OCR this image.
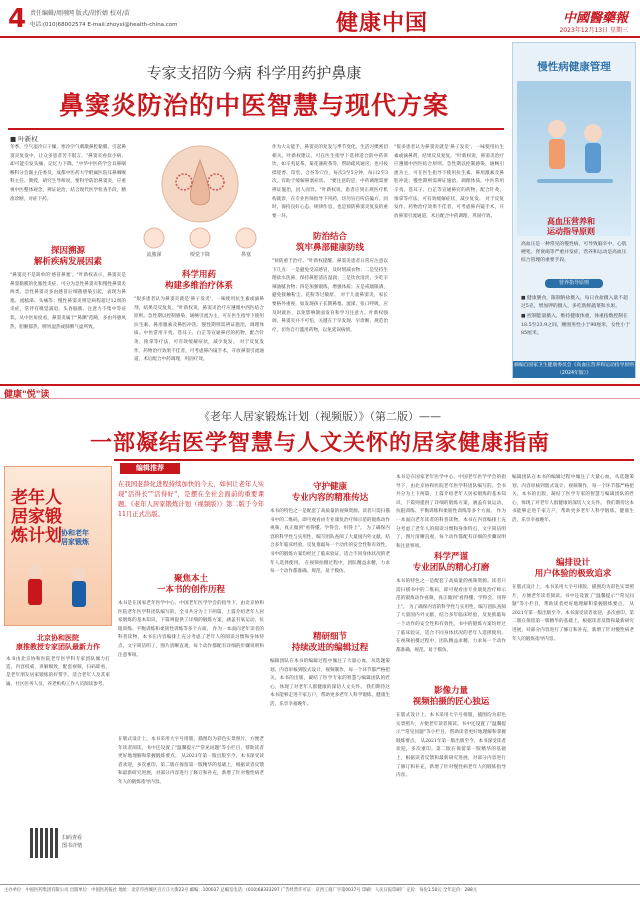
4 责任编辑/周刚网 版式/胡忻婧 校对/苗
电话:(010)68002574 E-mail:zhoyxl@health-china.com	健康中国	中國醫藥報
2023年12月13日 星期三
专家支招防今病 科学用药护鼻康
鼻窦炎防治的中医智慧与现代方案
■ 叶新权
冬季，空气湿冷日干燥，寒冷空气刺激鼻腔黏膜，引起鼻窦炎复发中，让众多患者苦不堪言。"鼻窦炎看似小病，却可能引发头痛、记忆力下降。"中华中医药学会耳鼻咽喉科分会副主任委员，成都中医药大学附属医院耳鼻咽喉科主任、教授，研究生导师说，要科学防治鼻窦炎，应重视中医整体观念，辨证论治，结合现代医学检查手段，精准诊断，对症下药。
探因溯源
解析疾病发展因素
"鼻窦炎不是简单的'感冒鼻塞'。"叶新权表示，鼻窦炎是鼻窦黏膜的化脓性炎症，可分为急性鼻窦炎和慢性鼻窦炎两类。急性鼻窦炎多由感冒后细菌感染引起，表现为鼻塞、流脓涕、头痛等；慢性鼻窦炎则是病程超过12周的炎症，常伴有嗅觉减退、头昏脑涨、注意力不集中等症状。从中医角度看，鼻窦炎属于"鼻渊"范畴，多由外感风热、胆腑郁热、脾胃湿热或肺脾气虚所致。
流脓涕	嗅觉下降	鼻塞
科学用药
构建多维治疗体系
"很多患者认为鼻窦炎就是'鼻子发炎'，一味使用抗生素或滴鼻剂，结果反反复复。"叶新权说，鼻窦炎治疗应遵循中西医结合原则。急性期以控制感染、通畅引流为主，可在医生指导下使用抗生素、鼻用激素及鼻腔冲洗；慢性期则需辨证施治，调理体质。中医常用辛夷、苍耳子、白芷等宣通鼻窍的药物，配合针灸、推拿等疗法，可有效缓解症状，减少复发。 对于反复发作、药物治疗效果不佳者，可考虑鼻内镜手术，开放鼻窦引流通道，术后配合中药调理，巩固疗效。
防治结合
筑牢鼻部健康防线
作为大众能手，鼻窦炎的复发与季节变化、生活习惯密切相关。叶新权建议，可在医生指导下选择适合的中药茶饮，如辛夷花茶、菊花薄荷茶等，帮助疏风通窍；也可按揉迎香、印堂、合谷等穴位，每次3至5分钟，每日2至3次，有助于缓解鼻塞症状。 "要注意的是，中药调理需要辨证施治，因人而异。"叶新权说，患者应到正规医疗机构就诊，在专业医师指导下用药，切勿盲目听信偏方。同时，保持良好心态、规律作息，也是预防鼻窦炎复发的重要一环。
"预防重于治疗。"叶新权提醒，鼻窦炎患者日常应注意以下几点：一是避免受凉感冒，及时增减衣物；二是坚持生理盐水洗鼻，保持鼻腔清洁湿润；三是饮食清淡，少吃辛辣油腻食物；四是加强锻炼，增强体质；五是戒烟限酒，避免接触粉尘、花粉等过敏原。 对于儿童鼻窦炎，家长要格外重视，如发现孩子长期鼻塞、流涕、张口呼吸，应及时就医，以免影响颌面发育和学习注意力。叶新权强调，鼻窦炎并不可怕，关键在于早发现、早诊断、规范治疗，切勿自行滥用药物，以免延误病情。
"很多患者认为鼻窦炎就是'鼻子发炎'，一味使用抗生素或滴鼻剂，结果反反复复。"叶新权说，鼻窦炎治疗应遵循中西医结合原则。急性期以控制感染、通畅引流为主，可在医生指导下使用抗生素、鼻用激素及鼻腔冲洗；慢性期则需辨证施治，调理体质。中医常用辛夷、苍耳子、白芷等宣通鼻窍的药物，配合针灸、推拿等疗法，可有效缓解症状，减少复发。 对于反复发作、药物治疗效果不佳者，可考虑鼻内镜手术，开放鼻窦引流通道，术后配合中药调理，巩固疗效。
慢性病健康管理
高血压营养和
运动指导原则
高血压是一种常见的慢性病，可导致脑卒中、心肌梗死、肾衰竭等严重并发症，营养和运动是高血压综合管理的重要手段。
营养指导原则

■ 健康膳食，限制钠盐摄入，每日食盐摄入量不超过5克，增加钾的摄入，多吃新鲜蔬菜和水果。

■ 控制能量摄入，维持健康体重，体重指数控制在18.5至23.9之间，腰围男性小于90厘米，女性小于85厘米。

摘编自国家卫生健康委员会《高血压营养和运动指导原则（2024年版）》
健康"悦"读
老年人
居家锻
炼计划 协和老年
居家锻炼
北京协和医院
康推教授专家团队最新力作
本书由北京协和医院老年医学科专家团队倾力打造，内容权威，讲解细致，配套视频，扫码即看，是老年朋友居家锻炼的好帮手。适合老年人及其家属、社区医务人员、养老机构工作人员阅读参考。
扫码查看
图书详情
《老年人居家锻炼计划（视频版）》（第二版）——
一部凝结医学智慧与人文关怀的居家健康指南
编辑推荐
在我国老龄化进程持续加快的今天，如何让老年人实现"活得长""活得好"，是摆在全社会面前的重要课题。《老年人居家锻炼计划（视频版）》第二版于今年11月正式出版。
聚焦本土
一本书的创作历程
本书是在国家老年医学中心、中国老年医学学会的指导下，由北京协和医院老年医学科团队编写的。全书共分为上下两篇，上篇介绍老年人居家锻炼的基本知识，下篇则提供了详细的锻炼方案，涵盖有氧运动、抗阻训练、平衡训练和柔韧性训练等多个方面。 作为一本面向老年读者的科普读物，本书在内容编排上充分考虑了老年人的阅读习惯和身体特点，文字简洁明了，图片清晰直观，每个动作都配有详细的步骤说明和注意事项。
在版式设计上，本书采用大字号排版，插图均为彩色实景照片，方便老年读者阅读。书中还设置了"温馨提示""常见问题"等小栏目，帮助读者更好地理解和掌握锻炼要点。 从2021年第一版出版至今，本书深受读者欢迎，多次重印。第二版在保留第一版精华的基础上，根据读者反馈和最新研究进展，对部分内容进行了修订和补充，新增了针对慢性病老年人的锻炼指导内容。
守护健康
专业内容的精准传达
本书的特色之一是配套了高质量的视频资源。读者只需扫描书中的二维码，即可观看由专业康复治疗师示范的锻炼动作视频，真正做到"看得懂、学得会、用得上"。 为了确保内容的科学性与实用性，编写团队查阅了大量国内外文献，结合多年临床经验，反复推敲每一个动作的安全性和有效性。书中的锻炼方案均经过了临床验证，适合不同身体状况的老年人选择使用。 在视频拍摄过程中，团队精益求精，力求每一个动作都准确、规范、易于模仿。
精研细节
持续改进的编辑过程
编辑团队在本书的编辑过程中倾注了大量心血，从选题策划、内容审核到版式设计、视频制作，每一个环节都严格把关。本书的出版，凝结了医学专家的智慧与编辑团队的匠心，体现了对老年人群健康的深切人文关怀。 我们期待这本书能够走进千家万户，帮助更多老年人科学锻炼、健康生活，乐享幸福晚年。
科学严谨
专业团队的精心打磨
本书是在国家老年医学中心、中国老年医学学会的指导下，由北京协和医院老年医学科团队编写的。全书共分为上下两篇，上篇介绍老年人居家锻炼的基本知识，下篇则提供了详细的锻炼方案，涵盖有氧运动、抗阻训练、平衡训练和柔韧性训练等多个方面。 作为一本面向老年读者的科普读物，本书在内容编排上充分考虑了老年人的阅读习惯和身体特点，文字简洁明了，图片清晰直观，每个动作都配有详细的步骤说明和注意事项。
本书的特色之一是配套了高质量的视频资源。读者只需扫描书中的二维码，即可观看由专业康复治疗师示范的锻炼动作视频，真正做到"看得懂、学得会、用得上"。 为了确保内容的科学性与实用性，编写团队查阅了大量国内外文献，结合多年临床经验，反复推敲每一个动作的安全性和有效性。书中的锻炼方案均经过了临床验证，适合不同身体状况的老年人选择使用。 在视频拍摄过程中，团队精益求精，力求每一个动作都准确、规范、易于模仿。
影像力量
视频拍摄的匠心独运
在版式设计上，本书采用大字号排版，插图均为彩色实景照片，方便老年读者阅读。书中还设置了"温馨提示""常见问题"等小栏目，帮助读者更好地理解和掌握锻炼要点。 从2021年第一版出版至今，本书深受读者欢迎，多次重印。第二版在保留第一版精华的基础上，根据读者反馈和最新研究进展，对部分内容进行了修订和补充，新增了针对慢性病老年人的锻炼指导内容。
编辑团队在本书的编辑过程中倾注了大量心血，从选题策划、内容审核到版式设计、视频制作，每一个环节都严格把关。本书的出版，凝结了医学专家的智慧与编辑团队的匠心，体现了对老年人群健康的深切人文关怀。 我们期待这本书能够走进千家万户，帮助更多老年人科学锻炼、健康生活，乐享幸福晚年。
编排设计
用户体验的极致追求
在版式设计上，本书采用大字号排版，插图均为彩色实景照片，方便老年读者阅读。书中还设置了"温馨提示""常见问题"等小栏目，帮助读者更好地理解和掌握锻炼要点。 从2021年第一版出版至今，本书深受读者欢迎，多次重印。第二版在保留第一版精华的基础上，根据读者反馈和最新研究进展，对部分内容进行了修订和补充，新增了针对慢性病老年人的锻炼指导内容。
主办单位：中国医药集团有限公司 出版单位：中国医药报社 地址：北京市西城区百万庄大街22号 邮编：100037 总编室电话：(010)68333297 广告经营许可证：京西工商广字第0037号 印刷：人民日报印刷厂 定价：每份1.50元 全年定价：288元
